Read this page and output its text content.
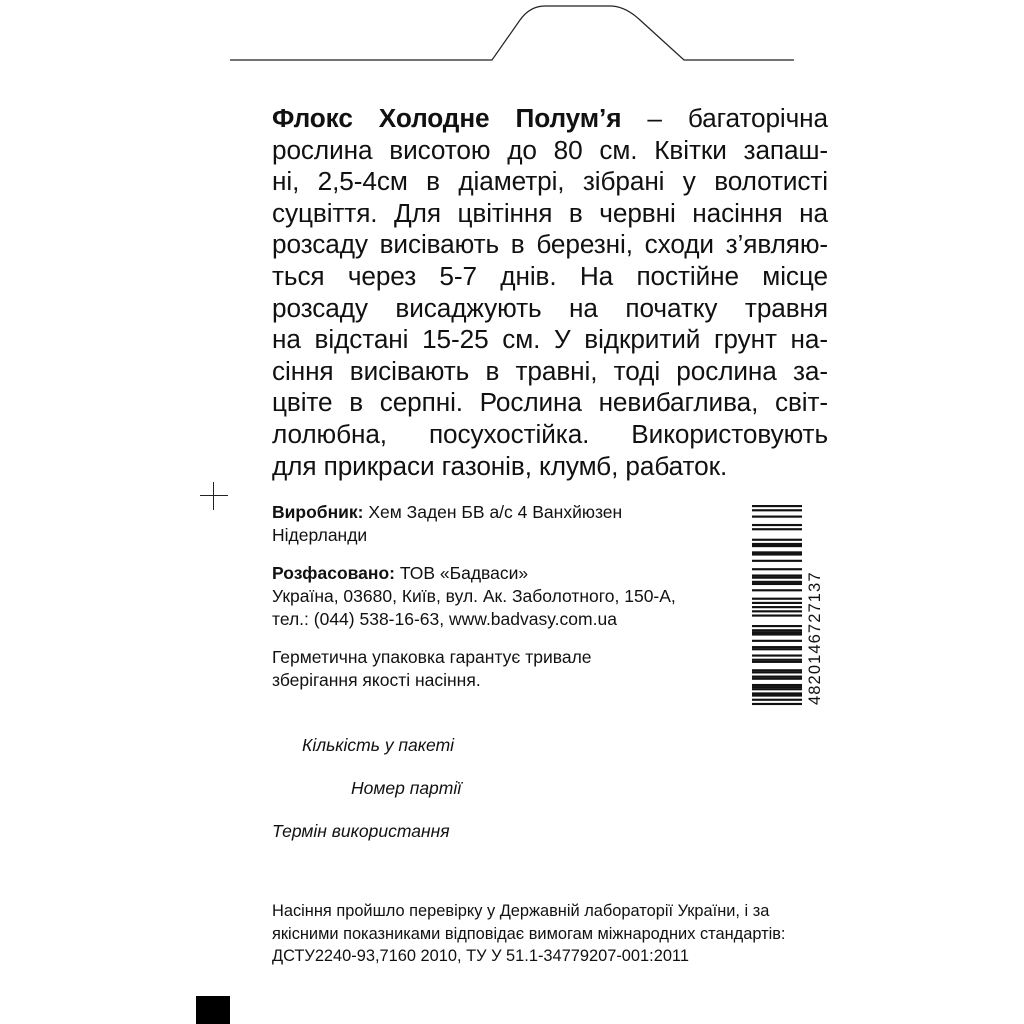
Флокс Холодне Полум’я – багаторічна
рослина висотою до 80 см. Квітки запаш-
ні, 2,5-4см в діаметрі, зібрані у волотисті
суцвіття. Для цвітіння в червні насіння на
розсаду висівають в березні, сходи з’являю-
ться через 5-7 днів. На постійне місце
розсаду висаджують на початку травня
на відстані 15-25 см. У відкритий грунт на-
сіння висівають в травні, тоді рослина за-
цвіте в серпні. Рослина невибаглива, світ-
лолюбна, посухостійка. Використовують
для прикраси газонів, клумб, рабаток.

Виробник: Хем Заден БВ а/с 4 Ванхйюзен
Нідерланди

Розфасовано: ТОВ «Бадваси»
Україна, 03680, Київ, вул. Ак. Заболотного, 150-А,
тел.: (044) 538-16-63, www.badvasy.com.ua

Герметична упаковка гарантує тривале
зберігання якості насіння.

Кількість у пакеті
Номер партії
Термін використання

Насіння пройшло перевірку у Державній лабораторії України, і за
якісними показниками відповідає вимогам міжнародних стандартів:
ДСТУ2240-93,7160 2010, ТУ У 51.1-34779207-001:2011

4820146727137
